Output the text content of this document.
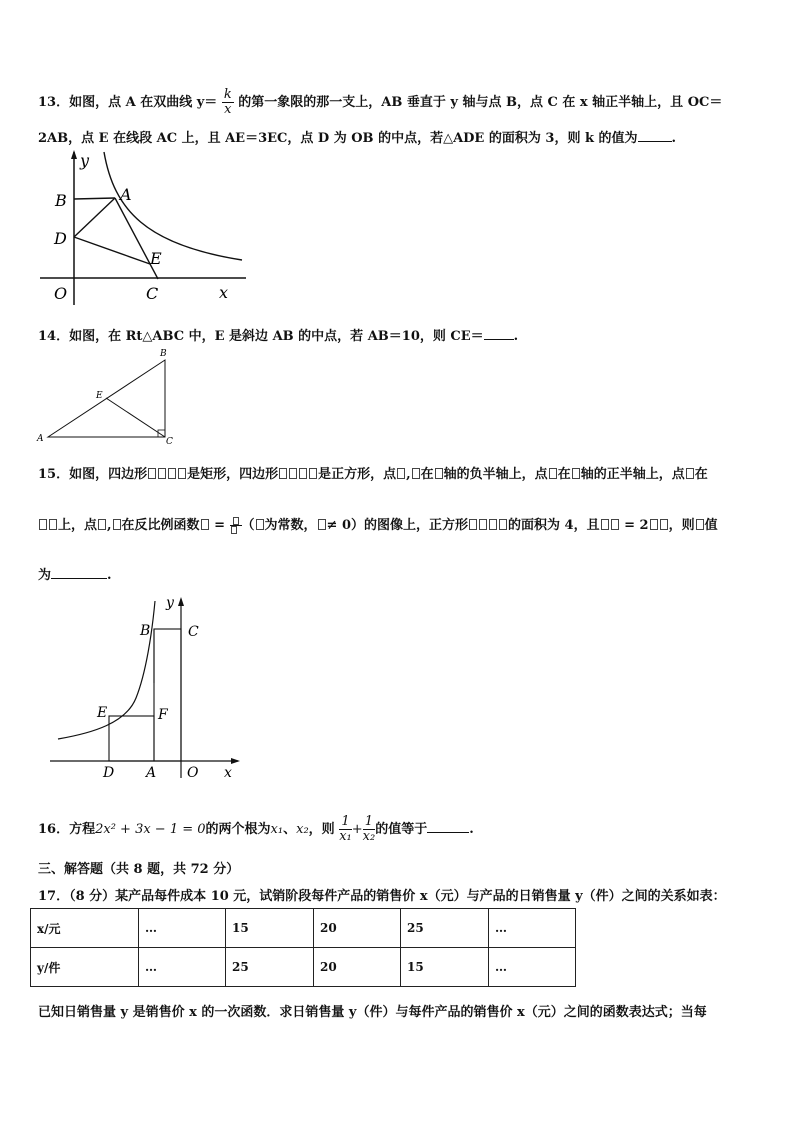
13．如图，点 A 在双曲线 $y= \frac{k}{x}$ 的第一象限的那一支上，AB 垂直于 y 轴与点 B，点 C 在 x 轴正半轴上，且 OC＝
2AB，点 E 在线段 AC 上，且 AE＝3EC，点 D 为 OB 的中点，若△ADE 的面积为 3，则 k 的值为	.
y
B	A
D
E
O	C	x
14．如图，在 Rt△ABC 中，E 是斜边 AB 的中点，若 AB＝10，则 CE＝ .
B
E
A	C
15．如图，四边形	是矩形，四边形	是正方形，点 , 在 轴的负半轴上，点 在 轴的正半轴上，点 在
上，点 , 在反比例函数 =
（ 为常数， ≠ 0）的图像上，正方形	的面积为 4，且 = 2 ，则 值
为	.
y
B	C
E	F
D A O x
16．方程2x² + 3x − 1 = 0的两个根为x₁、x₂，则 $\frac{1}{\text{x₁}} + \frac{1}{\text{x₂}}$ 的值等于	.
三、解答题（共 8 题，共 72 分）
17．（8 分）某产品每件成本 10 元，试销阶段每件产品的销售价 x（元）与产品的日销售量 y（件）之间的关系如表：
x/元	…	15	20	25	…
y/件	…	25	20	15	…
已知日销售量 y 是销售价 x 的一次函数．求日销售量 y（件）与每件产品的销售价 x（元）之间的函数表达式；当每
